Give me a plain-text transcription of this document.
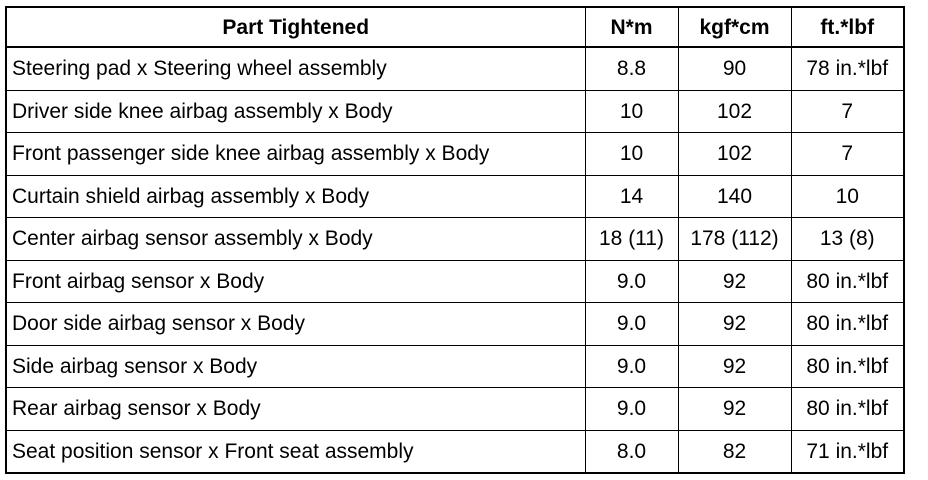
Part Tightened	N*m	kgf*cm	ft.*lbf
Steering pad x Steering wheel assembly	8.8	90	78 in.*lbf
Driver side knee airbag assembly x Body	10	102	7
Front passenger side knee airbag assembly x Body	10	102	7
Curtain shield airbag assembly x Body	14	140	10
Center airbag sensor assembly x Body	18 (11)	178 (112)	13 (8)
Front airbag sensor x Body	9.0	92	80 in.*lbf
Door side airbag sensor x Body	9.0	92	80 in.*lbf
Side airbag sensor x Body	9.0	92	80 in.*lbf
Rear airbag sensor x Body	9.0	92	80 in.*lbf
Seat position sensor x Front seat assembly	8.0	82	71 in.*lbf
